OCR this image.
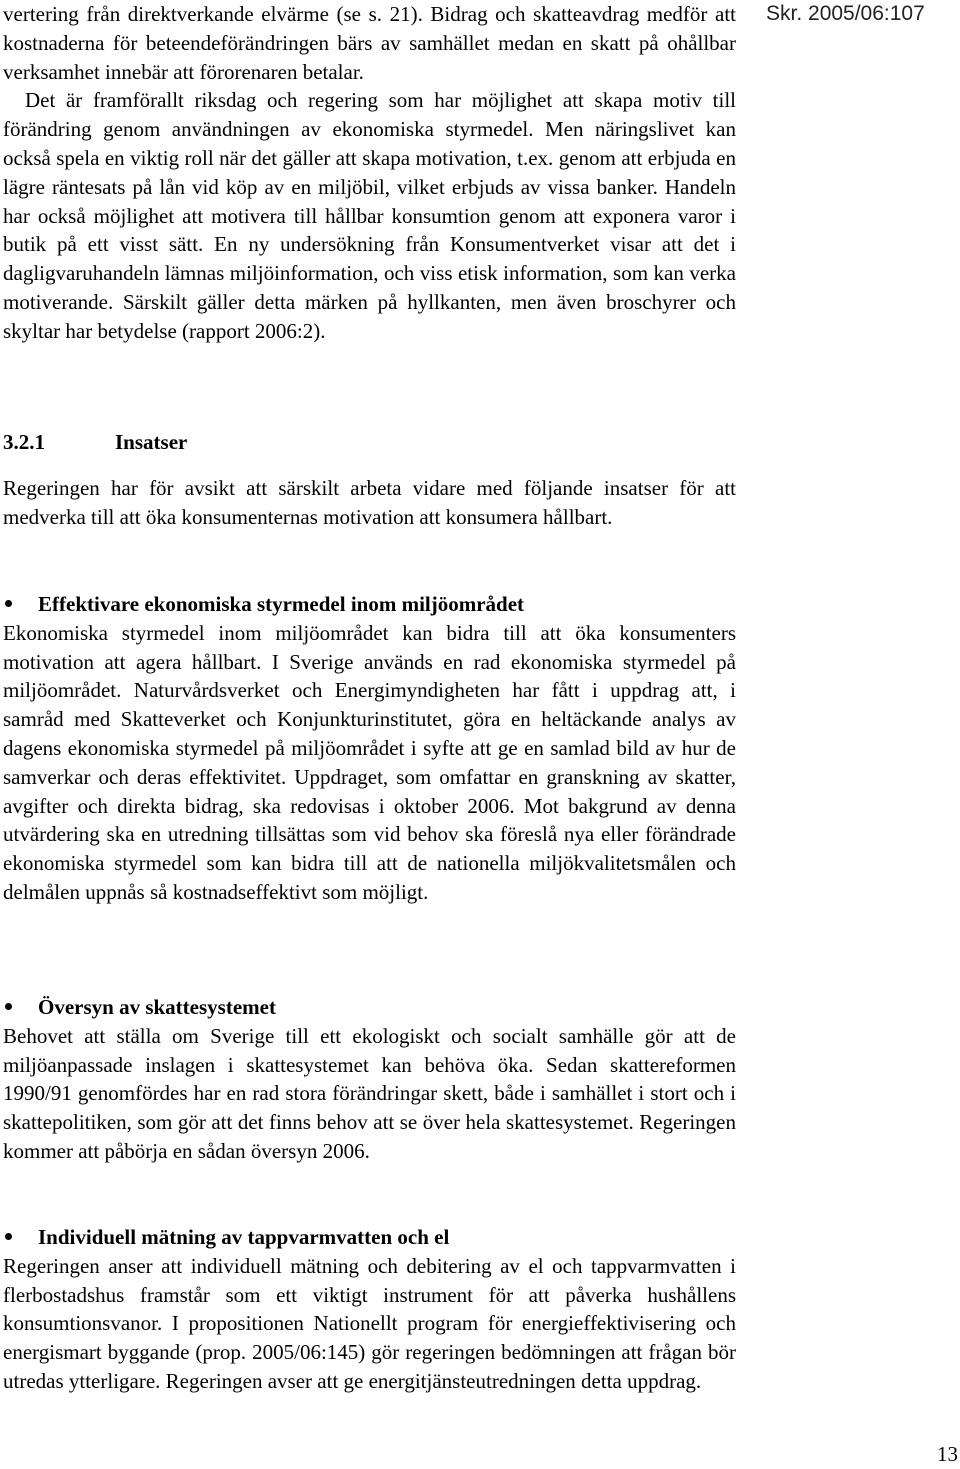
Skr. 2005/06:107

vertering från direktverkande elvärme (se s. 21). Bidrag och skatteavdrag medför att kostnaderna för beteendeförändringen bärs av samhället medan en skatt på ohållbar verksamhet innebär att förorenaren betalar.

Det är framförallt riksdag och regering som har möjlighet att skapa motiv till förändring genom användningen av ekonomiska styrmedel. Men näringslivet kan också spela en viktig roll när det gäller att skapa motivation, t.ex. genom att erbjuda en lägre räntesats på lån vid köp av en miljöbil, vilket erbjuds av vissa banker. Handeln har också möjlighet att motivera till hållbar konsumtion genom att exponera varor i butik på ett visst sätt. En ny undersökning från Konsumentverket visar att det i dagligvaruhandeln lämnas miljöinformation, och viss etisk information, som kan verka motiverande. Särskilt gäller detta märken på hyllkanten, men även broschyrer och skyltar har betydelse (rapport 2006:2).

3.2.1	Insatser

Regeringen har för avsikt att särskilt arbeta vidare med följande insatser för att medverka till att öka konsumenternas motivation att konsumera hållbart.

Effektivare ekonomiska styrmedel inom miljöområdet

Ekonomiska styrmedel inom miljöområdet kan bidra till att öka konsumenters motivation att agera hållbart. I Sverige används en rad ekonomiska styrmedel på miljöområdet. Naturvårdsverket och Energimyndigheten har fått i uppdrag att, i samråd med Skatteverket och Konjunkturinstitutet, göra en heltäckande analys av dagens ekonomiska styrmedel på miljöområdet i syfte att ge en samlad bild av hur de samverkar och deras effektivitet. Uppdraget, som omfattar en granskning av skatter, avgifter och direkta bidrag, ska redovisas i oktober 2006. Mot bakgrund av denna utvärdering ska en utredning tillsättas som vid behov ska föreslå nya eller förändrade ekonomiska styrmedel som kan bidra till att de nationella miljökvalitetsmålen och delmålen uppnås så kostnadseffektivt som möjligt.

Översyn av skattesystemet

Behovet att ställa om Sverige till ett ekologiskt och socialt samhälle gör att de miljöanpassade inslagen i skattesystemet kan behöva öka. Sedan skattereformen 1990/91 genomfördes har en rad stora förändringar skett, både i samhället i stort och i skattepolitiken, som gör att det finns behov att se över hela skattesystemet. Regeringen kommer att påbörja en sådan översyn 2006.

Individuell mätning av tappvarmvatten och el

Regeringen anser att individuell mätning och debitering av el och tappvarmvatten i flerbostadshus framstår som ett viktigt instrument för att påverka hushållens konsumtionsvanor. I propositionen Nationellt program för energieffektivisering och energismart byggande (prop. 2005/06:145) gör regeringen bedömningen att frågan bör utredas ytterligare. Regeringen avser att ge energitjänsteutredningen detta uppdrag.

13
